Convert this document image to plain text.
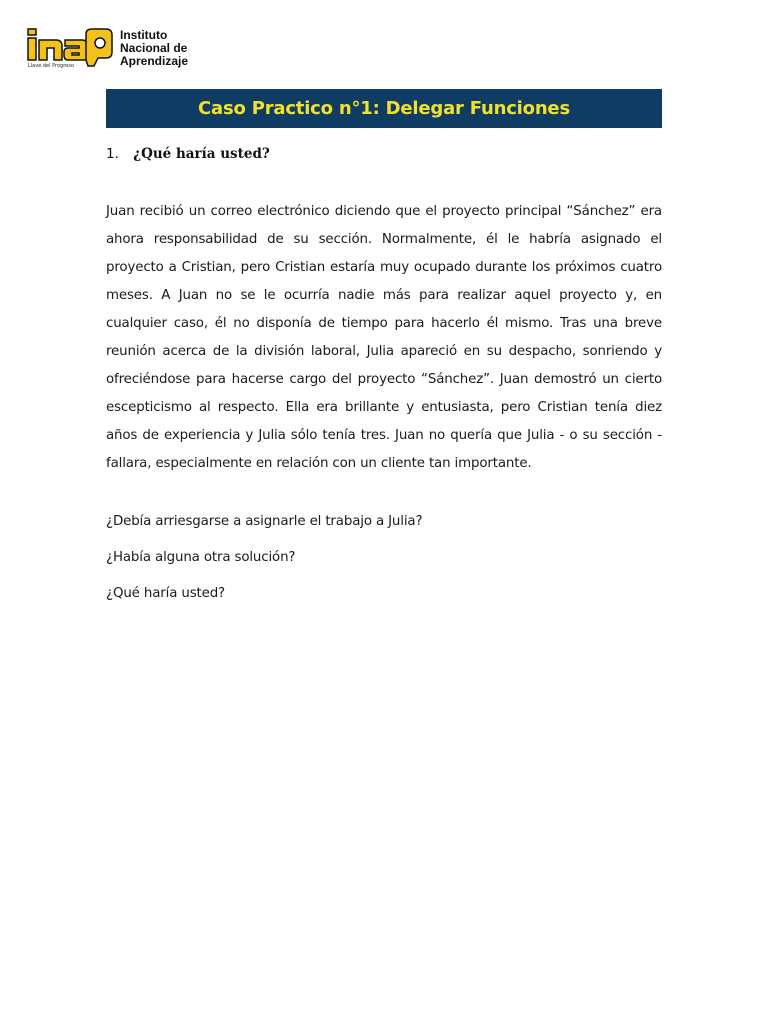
Llave del Progreso
Instituto
Nacional de
Aprendizaje
Caso Practico n°1: Delegar Funciones
1. ¿Qué haría usted?

Juan recibió un correo electrónico diciendo que el proyecto principal “Sánchez” era ahora responsabilidad de su sección. Normalmente, él le habría asignado el proyecto a Cristian, pero Cristian estaría muy ocupado durante los próximos cuatro meses. A Juan no se le ocurría nadie más para realizar aquel proyecto y, en cualquier caso, él no disponía de tiempo para hacerlo él mismo. Tras una breve reunión acerca de la división laboral, Julia apareció en su despacho, sonriendo y ofreciéndose para hacerse cargo del proyecto “Sánchez”. Juan demostró un cierto escepticismo al respecto. Ella era brillante y entusiasta, pero Cristian tenía diez años de experiencia y Julia sólo tenía tres. Juan no quería que Julia - o su sección - fallara, especialmente en relación con un cliente tan importante.

¿Debía arriesgarse a asignarle el trabajo a Julia?
¿Había alguna otra solución?
¿Qué haría usted?
